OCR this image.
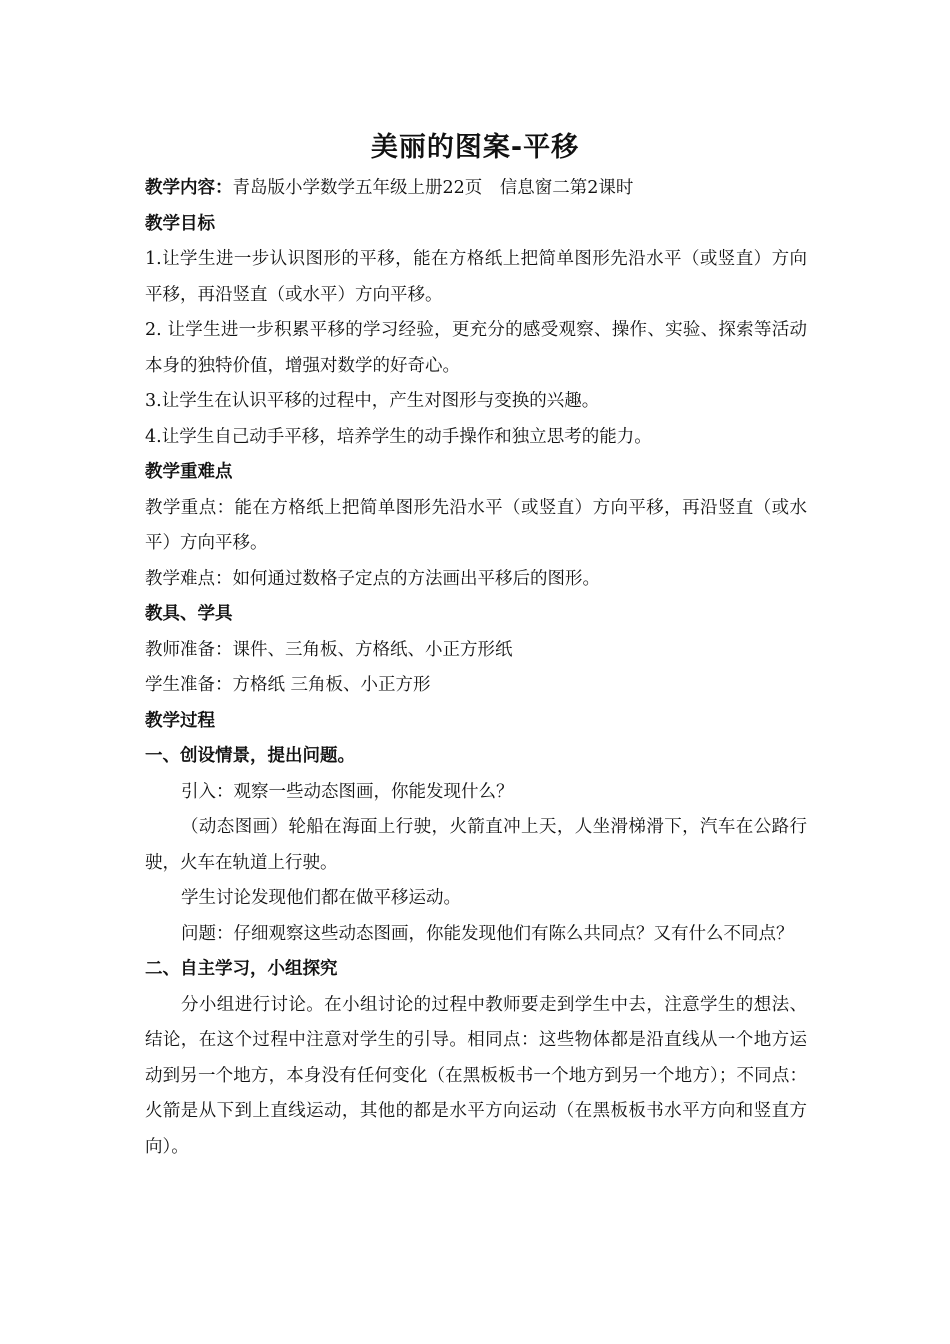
美丽的图案-平移

教学内容：青岛版小学数学五年级上册22页　信息窗二第2课时

教学目标

1.让学生进一步认识图形的平移，能在方格纸上把简单图形先沿水平（或竖直）方向平移，再沿竖直（或水平）方向平移。

2. 让学生进一步积累平移的学习经验，更充分的感受观察、操作、实验、探索等活动本身的独特价值，增强对数学的好奇心。

3.让学生在认识平移的过程中，产生对图形与变换的兴趣。

4.让学生自己动手平移，培养学生的动手操作和独立思考的能力。

教学重难点

教学重点：能在方格纸上把简单图形先沿水平（或竖直）方向平移，再沿竖直（或水平）方向平移。

教学难点：如何通过数格子定点的方法画出平移后的图形。

教具、学具

教师准备：课件、三角板、方格纸、小正方形纸

学生准备：方格纸 三角板、小正方形

教学过程

一、创设情景，提出问题。

引入：观察一些动态图画，你能发现什么？

（动态图画）轮船在海面上行驶，火箭直冲上天，人坐滑梯滑下，汽车在公路行驶，火车在轨道上行驶。

学生讨论发现他们都在做平移运动。

问题：仔细观察这些动态图画，你能发现他们有陈么共同点？又有什么不同点？

二、自主学习，小组探究

分小组进行讨论。在小组讨论的过程中教师要走到学生中去，注意学生的想法、结论，在这个过程中注意对学生的引导。相同点：这些物体都是沿直线从一个地方运动到另一个地方，本身没有任何变化（在黑板板书一个地方到另一个地方）；不同点：火箭是从下到上直线运动，其他的都是水平方向运动（在黑板板书水平方向和竖直方向）。
